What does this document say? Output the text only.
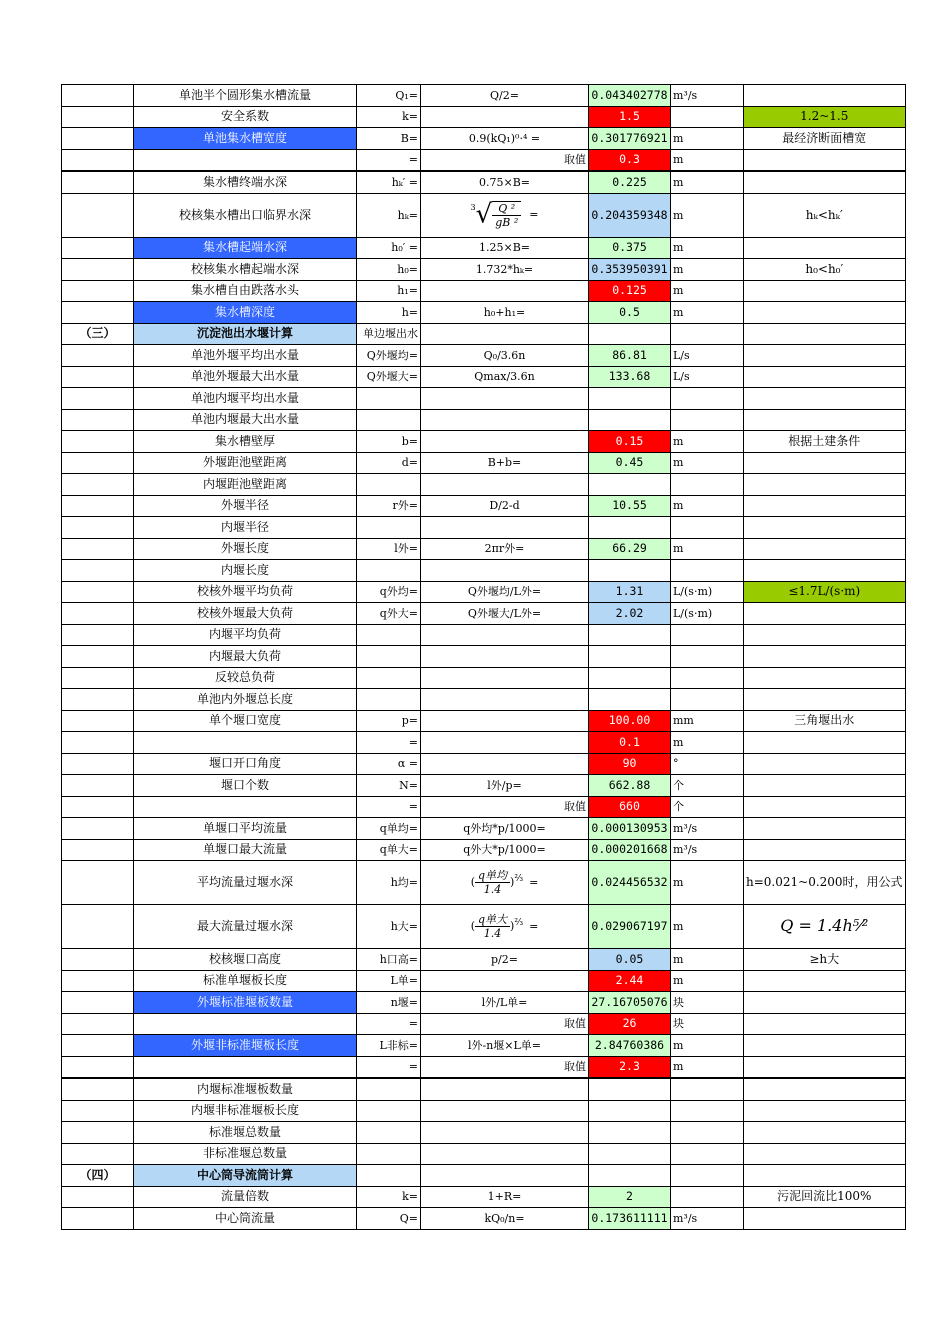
	单池半个圆形集水槽流量	Q₁=	Q/2=	0.043402778	m³/s	
	安全系数	k=		1.5		1.2~1.5
	单池集水槽宽度	B=	0.9(kQ₁)⁰·⁴ =	0.301776921	m	最经济断面槽宽
		=	取值	0.3	m	
	集水槽终端水深	hₖ′ =	0.75×B=	0.225	m	
	校核集水槽出口临界水深	hₖ=	$^3√ \frac{\text{Q ²}}{\text{gB ²}}$ =	0.204359348	m	hₖ<hₖ′
	集水槽起端水深	h₀′ =	1.25×B=	0.375	m	
	校核集水槽起端水深	h₀=	1.732*hₖ=	0.353950391	m	h₀<h₀′
	集水槽自由跌落水头	h₁=		0.125	m	
	集水槽深度	h=	h₀+h₁=	0.5	m	
（三）	沉淀池出水堰计算	单边堰出水				
	单池外堰平均出水量	Q外堰均=	Q₀/3.6n	86.81	L/s	
	单池外堰最大出水量	Q外堰大=	Qmax/3.6n	133.68	L/s	
	单池内堰平均出水量					
	单池内堰最大出水量					
	集水槽壁厚	b=		0.15	m	根据土建条件
	外堰距池壁距离	d=	B+b=	0.45	m	
	内堰距池壁距离					
	外堰半径	r外=	D/2-d	10.55	m	
	内堰半径					
	外堰长度	l外=	2πr外=	66.29	m	
	内堰长度					
	校核外堰平均负荷	q外均=	Q外堰均/L外=	1.31	L/(s·m)	≤1.7L/(s·m)
	校核外堰最大负荷	q外大=	Q外堰大/L外=	2.02	L/(s·m)	
	内堰平均负荷					
	内堰最大负荷					
	反较总负荷					
	单池内外堰总长度					
	单个堰口宽度	p=		100.00	mm	三角堰出水
		=		0.1	m	
	堰口开口角度	α =		90	°	
	堰口个数	N=	l外/p=	662.88	个	
		=	取值	660	个	
	单堰口平均流量	q单均=	q外均*p/1000=	0.000130953	m³/s	
	单堰口最大流量	q单大=	q外大*p/1000=	0.000201668	m³/s	
	平均流量过堰水深	h均=	( $\frac{\text{q单均}}{1.4} )^{\frac{2}{3}}$ =	0.024456532	m	h=0.021~0.200时，用公式
	最大流量过堰水深	h大=	( $\frac{\text{q单大}}{1.4} )^{\frac{2}{3}}$ =	0.029067197	m	Q = 1.4h⁵⁄²
	校核堰口高度	h口高=	p/2=	0.05	m	≥h大
	标准单堰板长度	L单=		2.44	m	
	外堰标准堰板数量	n堰=	l外/L单=	27.16705076	块	
		=	取值	26	块	
	外堰非标准堰板长度	L非标=	l外-n堰×L单=	2.84760386	m	
		=	取值	2.3	m	
	内堰标准堰板数量					
	内堰非标准堰板长度					
	标准堰总数量					
	非标准堰总数量					
（四）	中心筒导流筒计算					
	流量倍数	k=	1+R=	2		污泥回流比100%
	中心筒流量	Q=	kQ₀/n=	0.173611111	m³/s	
